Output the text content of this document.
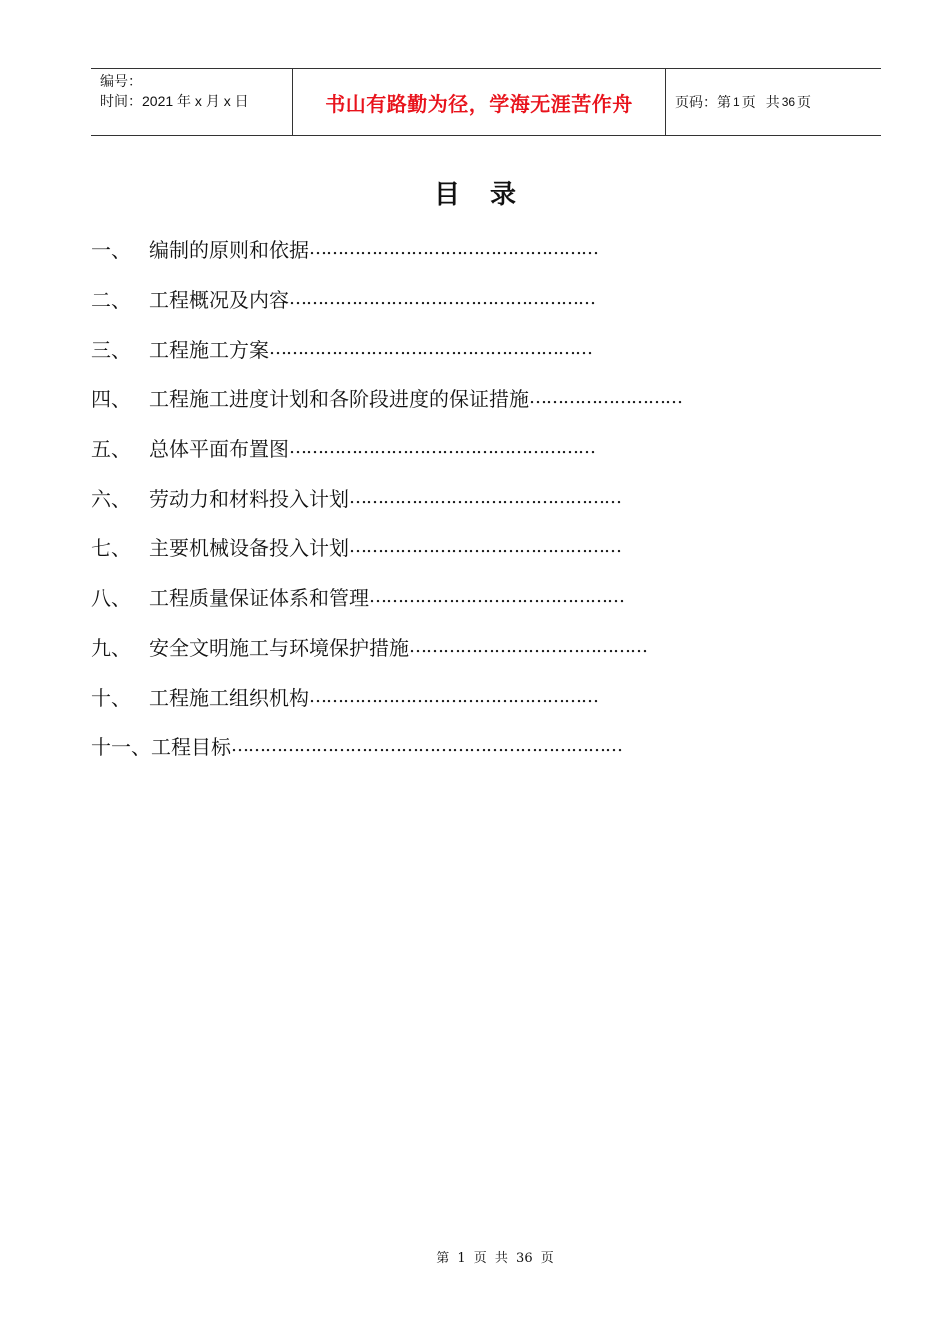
编号：
时间：2021 年 x 月 x 日	书山有路勤为径，学海无涯苦作舟	页码：第 1 页 共 36 页
目 录
一、 编制的原则和依据 ……………………………………………
二、 工程概况及内容 ………………………………………………
三、 工程施工方案 …………………………………………………
四、 工程施工进度计划和各阶段进度的保证措施 ………………………
五、 总体平面布置图 ………………………………………………
六、 劳动力和材料投入计划 …………………………………………
七、 主要机械设备投入计划 …………………………………………
八、 工程质量保证体系和管理 ………………………………………
九、 安全文明施工与环境保护措施 ……………………………………
十、 工程施工组织机构 ……………………………………………
十一、 工程目标 ……………………………………………………………
第 1 页 共 36 页
